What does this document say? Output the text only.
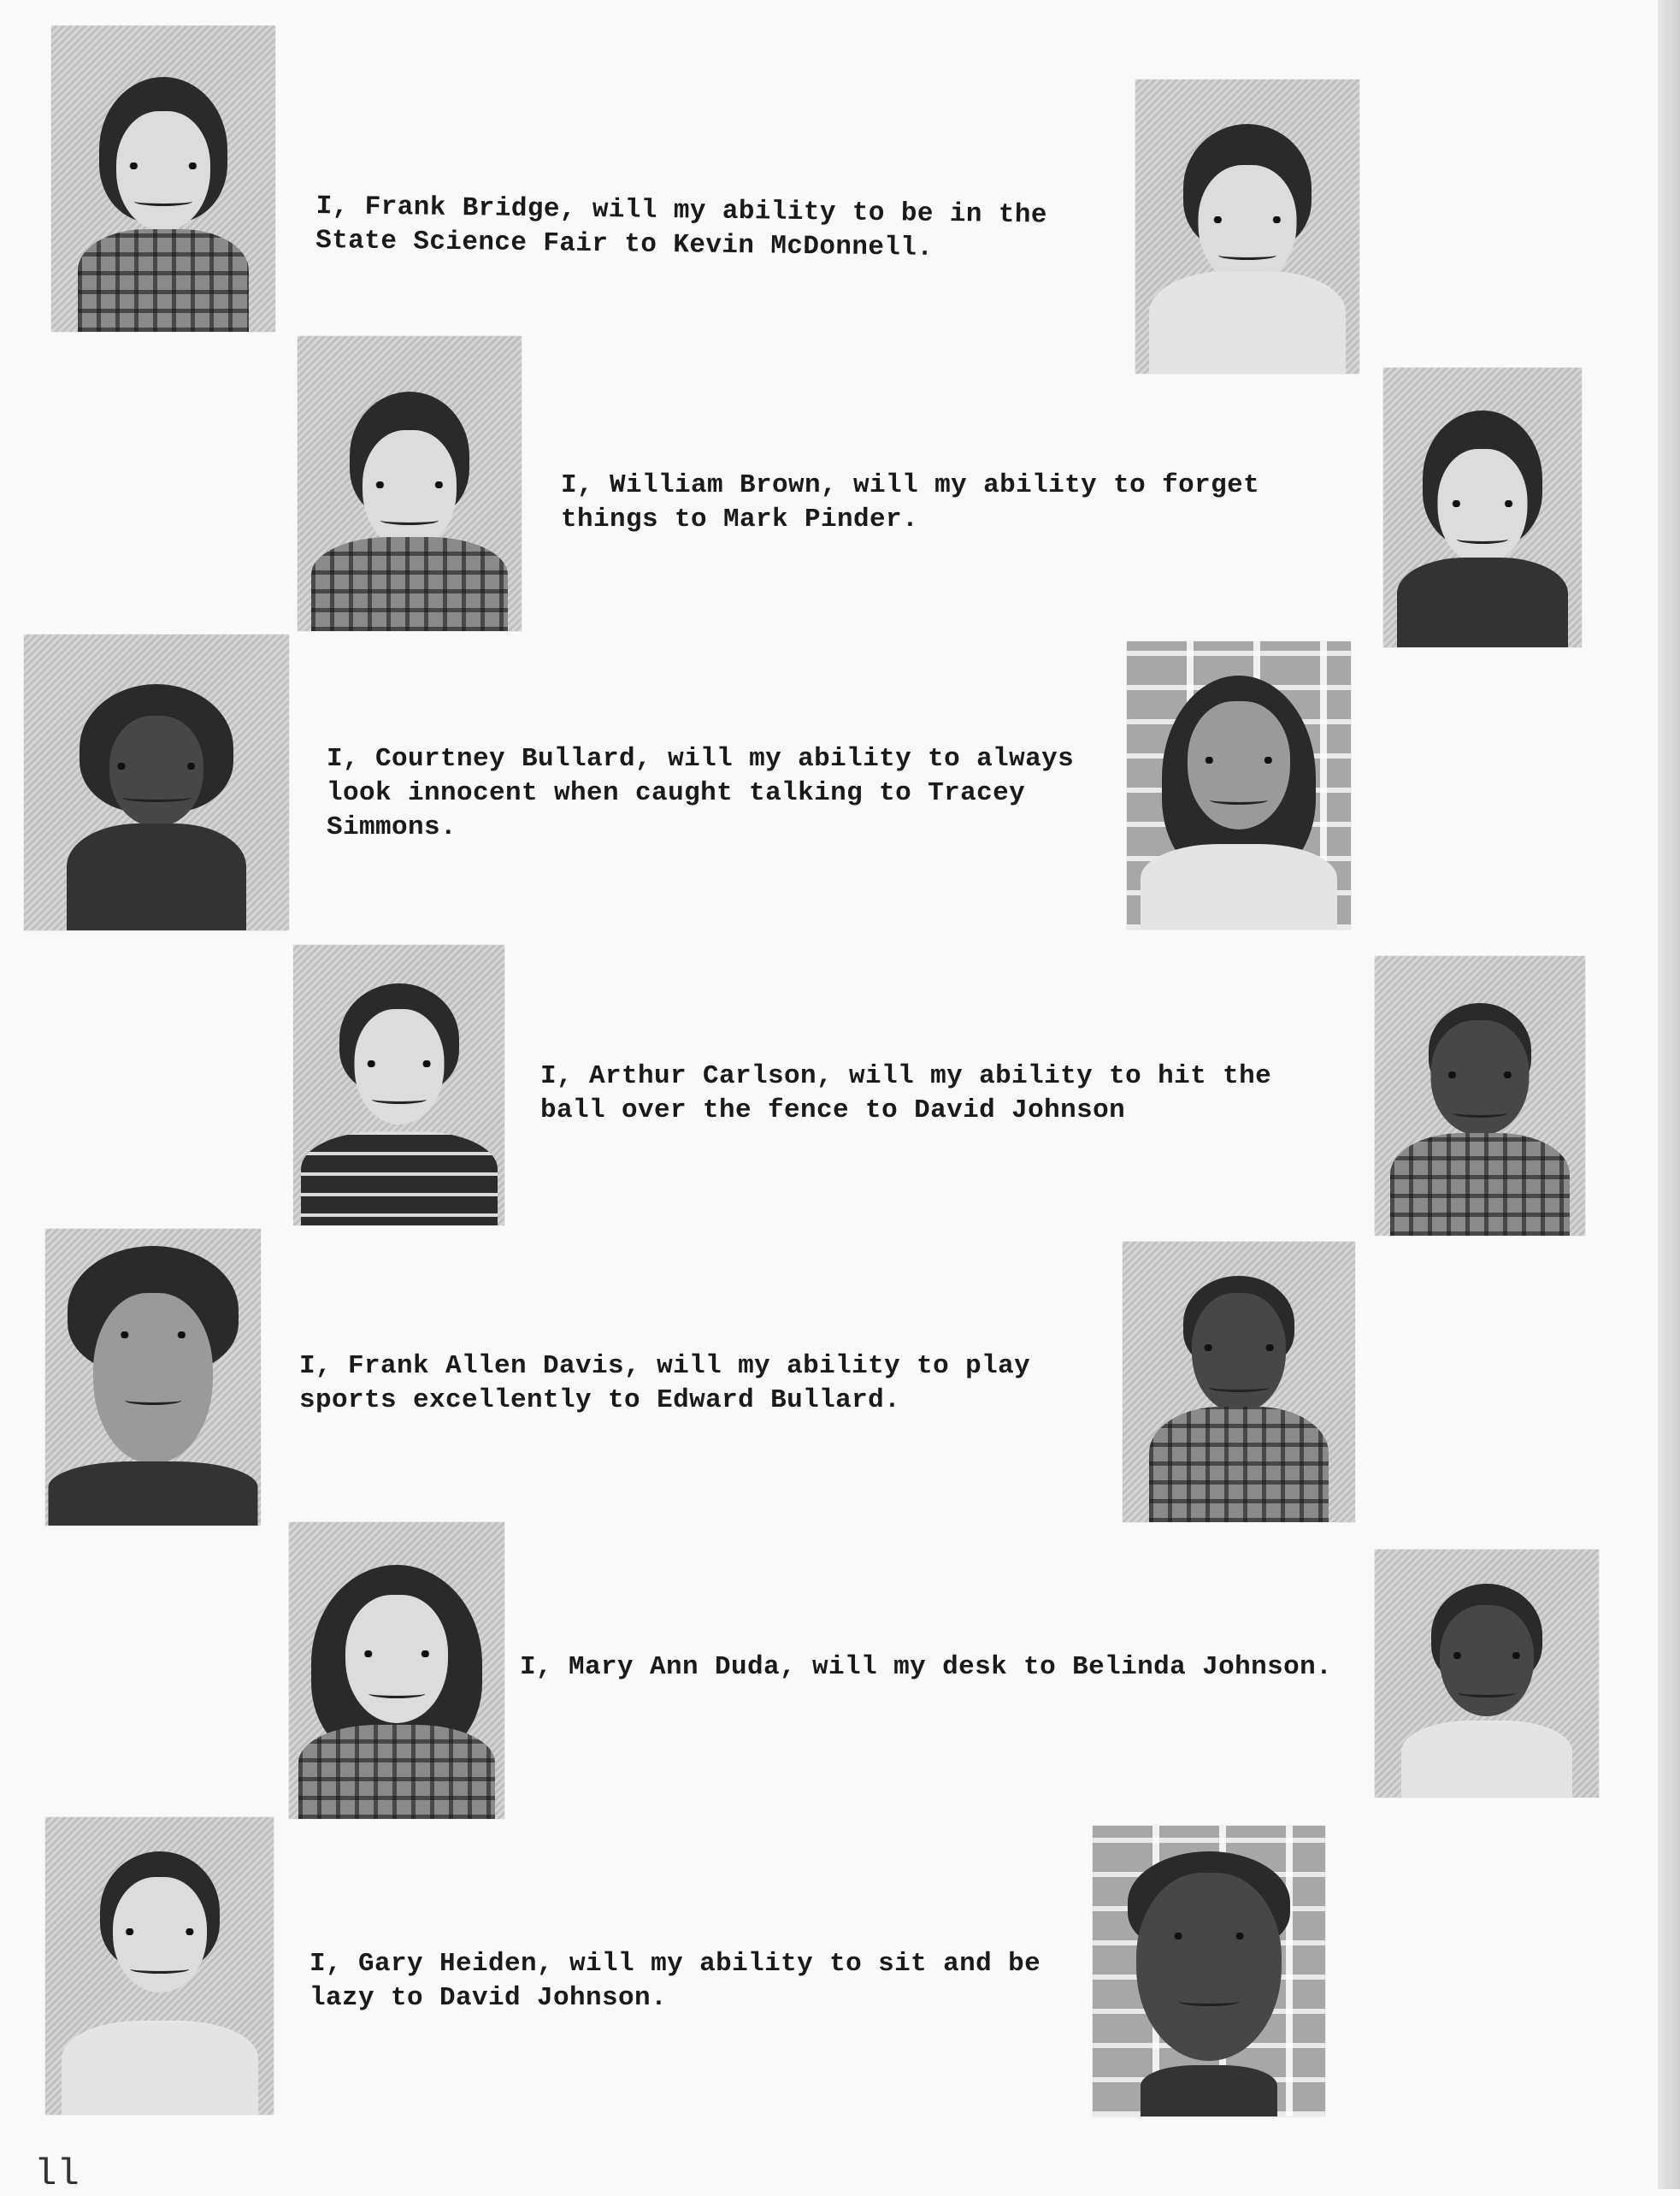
I, Frank Bridge, will my ability to be in the
State Science Fair to Kevin McDonnell.

I, William Brown, will my ability to forget
things to Mark Pinder.

I, Courtney Bullard, will my ability to always
look innocent when caught talking to Tracey
Simmons.

I, Arthur Carlson, will my ability to hit the
ball over the fence to David Johnson

I, Frank Allen Davis, will my ability to play
sports excellently to Edward Bullard.

I, Mary Ann Duda, will my desk to Belinda Johnson.

I, Gary Heiden, will my ability to sit and be
lazy to David Johnson.

ll
